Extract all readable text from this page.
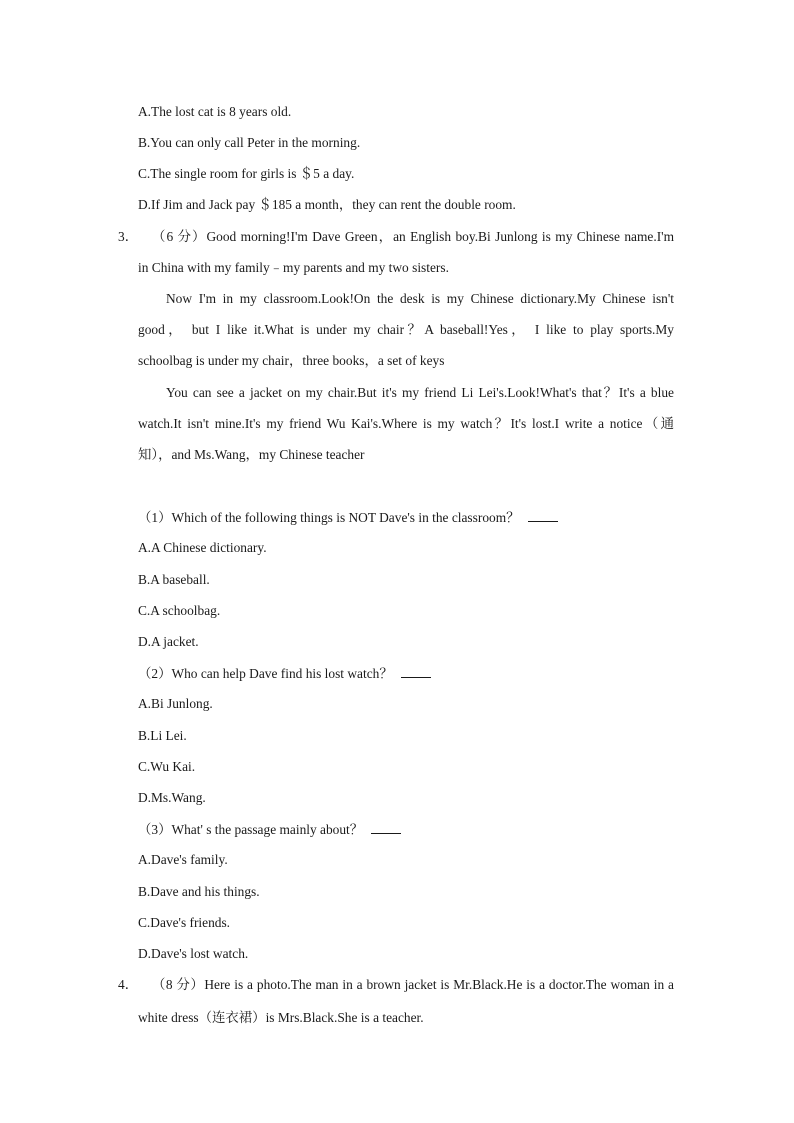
A.The lost cat is 8 years old.
B.You can only call Peter in the morning.
C.The single room for girls is ＄5 a day.
D.If Jim and Jack pay ＄185 a month，they can rent the double room.
3． （6 分）Good morning!I'm Dave Green，an English boy.Bi Junlong is my Chinese name.I'm
in China with my family﹣my parents and my two sisters.
Now I'm in my classroom.Look!On the desk is my Chinese dictionary.My Chinese isn't
good， but I like it.What is under my chair？A baseball!Yes， I like to play sports.My
schoolbag is under my chair，three books，a set of keys
You can see a jacket on my chair.But it's my friend Li Lei's.Look!What's that？It's a blue
watch.It isn't mine.It's my friend Wu Kai's.Where is my watch？It's lost.I write a notice（通
知），and Ms.Wang，my Chinese teacher
（1）Which of the following things is NOT Dave's in the classroom？
A.A Chinese dictionary.
B.A baseball.
C.A schoolbag.
D.A jacket.
（2）Who can help Dave find his lost watch？
A.Bi Junlong.
B.Li Lei.
C.Wu Kai.
D.Ms.Wang.
（3）What' s the passage mainly about？
A.Dave's family.
B.Dave and his things.
C.Dave's friends.
D.Dave's lost watch.
4． （8 分）Here is a photo.The man in a brown jacket is Mr.Black.He is a doctor.The woman in a
white dress（连衣裙）is Mrs.Black.She is a teacher.
